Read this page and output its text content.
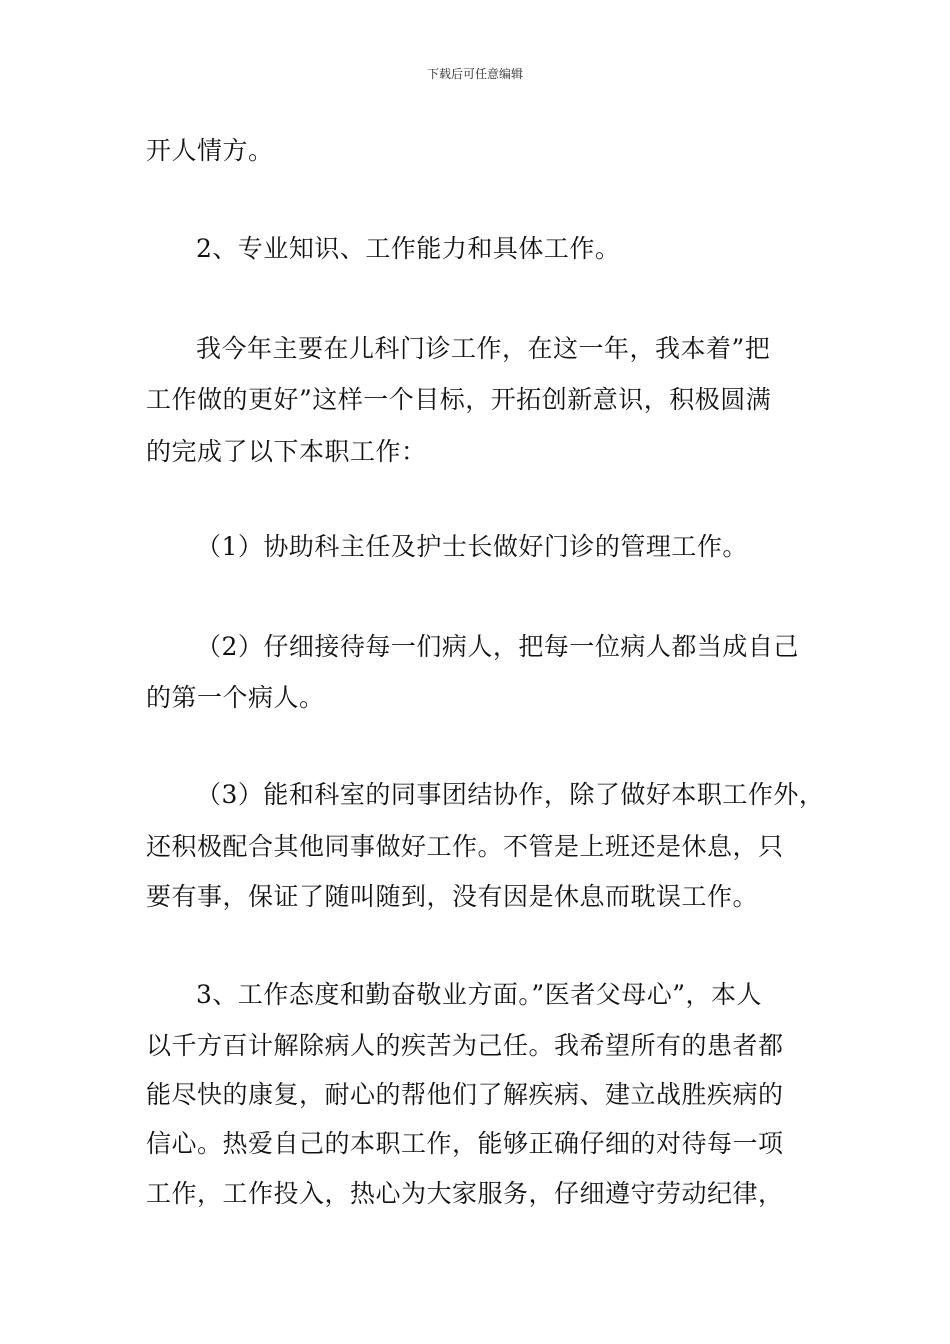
下载后可任意编辑
开人情方。
2、专业知识、工作能力和具体工作。
我今年主要在儿科门诊工作，在这一年，我本着”把
工作做的更好”这样一个目标，开拓创新意识，积极圆满
的完成了以下本职工作：
（1）协助科主任及护士长做好门诊的管理工作。
（2）仔细接待每一们病人，把每一位病人都当成自己
的第一个病人。
（3）能和科室的同事团结协作，除了做好本职工作外，
还积极配合其他同事做好工作。不管是上班还是休息，只
要有事，保证了随叫随到，没有因是休息而耽误工作。
3、工作态度和勤奋敬业方面。”医者父母心”，本人
以千方百计解除病人的疾苦为己任。我希望所有的患者都
能尽快的康复，耐心的帮他们了解疾病、建立战胜疾病的
信心。热爱自己的本职工作，能够正确仔细的对待每一项
工作，工作投入，热心为大家服务，仔细遵守劳动纪律，
